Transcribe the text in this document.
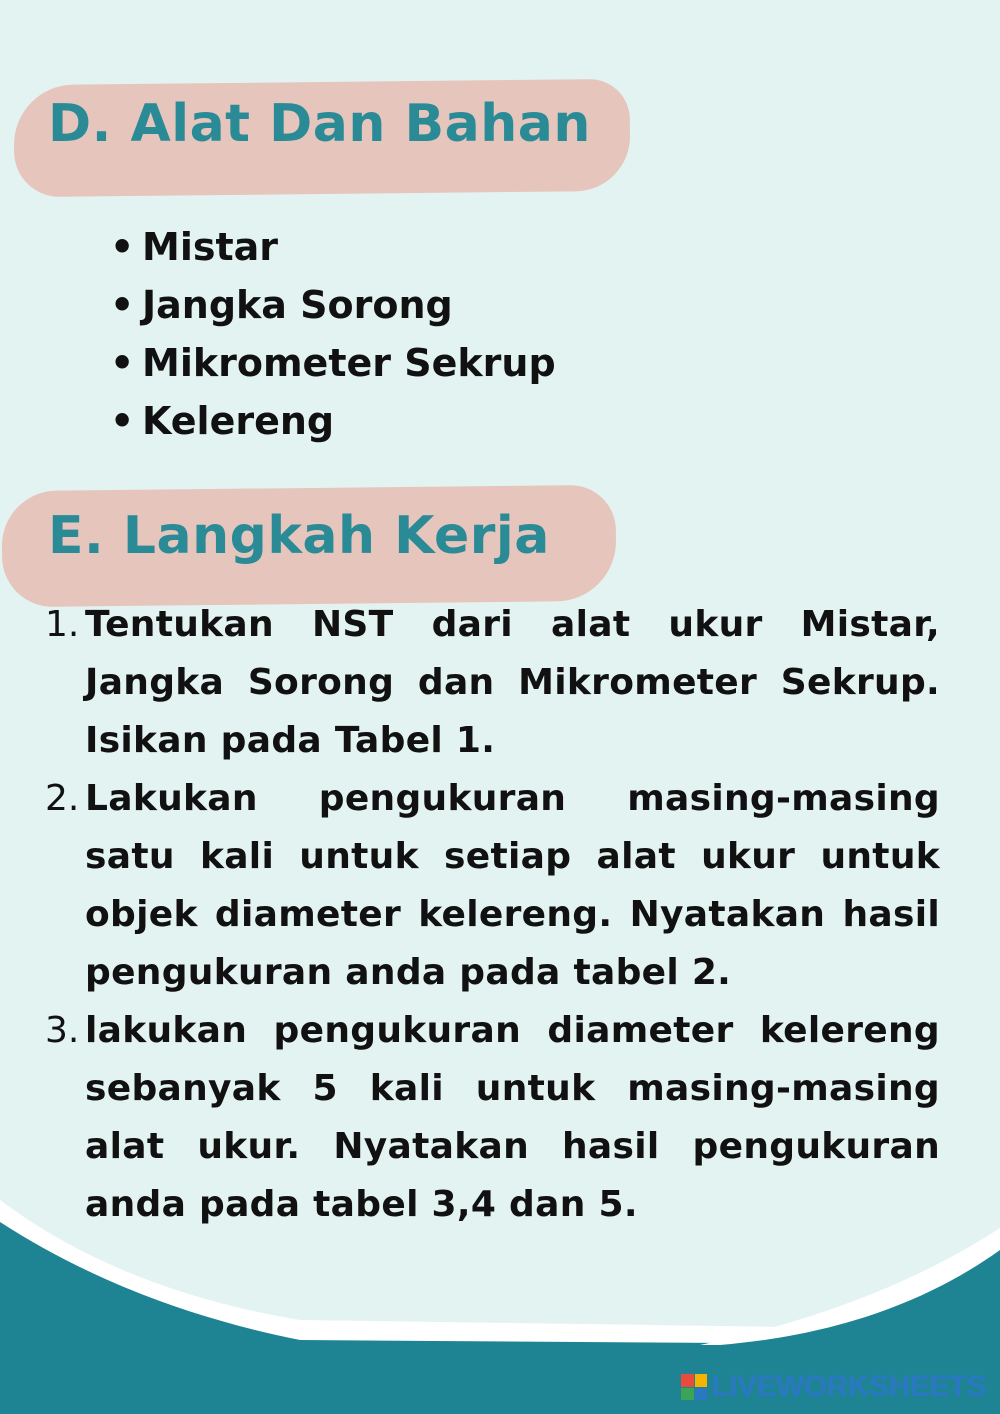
D. Alat Dan Bahan
• Mistar
• Jangka Sorong
• Mikrometer Sekrup
• Kelereng
E. Langkah Kerja
1. Tentukan NST dari alat ukur Mistar, Jangka Sorong dan Mikrometer Sekrup. Isikan pada Tabel 1.
2. Lakukan pengukuran masing-masing satu kali untuk setiap alat ukur untuk objek diameter kelereng. Nyatakan hasil pengukuran anda pada tabel 2.
3. lakukan pengukuran diameter kelereng sebanyak 5 kali untuk masing-masing alat ukur. Nyatakan hasil pengukuran anda pada tabel 3,4 dan 5.
LIVEWORKSHEETS
